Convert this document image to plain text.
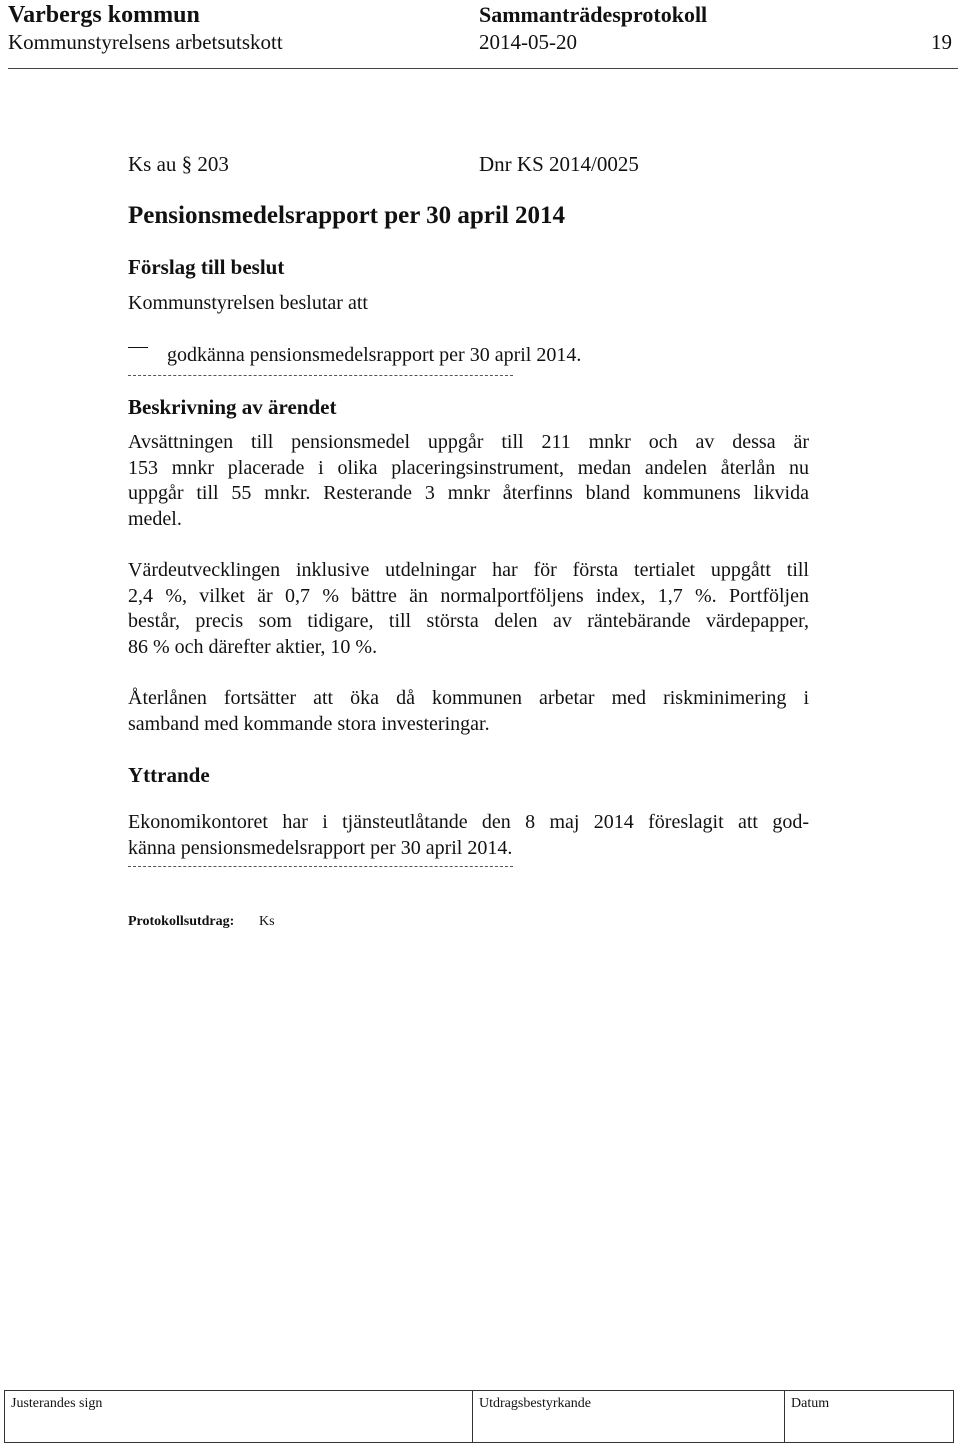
Varbergs kommun	Sammanträdesprotokoll
Kommunstyrelsens arbetsutskott	2014-05-20	19
Ks au § 203	Dnr KS 2014/0025
Pensionsmedelsrapport per 30 april 2014
Förslag till beslut
Kommunstyrelsen beslutar att
godkänna pensionsmedelsrapport per 30 april 2014.
Beskrivning av ärendet
Avsättningen till pensionsmedel uppgår till 211 mnkr och av dessa är
153 mnkr placerade i olika placeringsinstrument, medan andelen återlån nu
uppgår till 55 mnkr. Resterande 3 mnkr återfinns bland kommunens likvida
medel.
Värdeutvecklingen inklusive utdelningar har för första tertialet uppgått till
2,4 %, vilket är 0,7 % bättre än normalportföljens index, 1,7 %. Portföljen
består, precis som tidigare, till största delen av räntebärande värdepapper,
86 % och därefter aktier, 10 %.
Återlånen fortsätter att öka då kommunen arbetar med riskminimering i
samband med kommande stora investeringar.
Yttrande
Ekonomikontoret har i tjänsteutlåtande den 8 maj 2014 föreslagit att god-
känna pensionsmedelsrapport per 30 april 2014.
Protokollsutdrag: Ks
Justerandes sign	Utdragsbestyrkande	Datum
